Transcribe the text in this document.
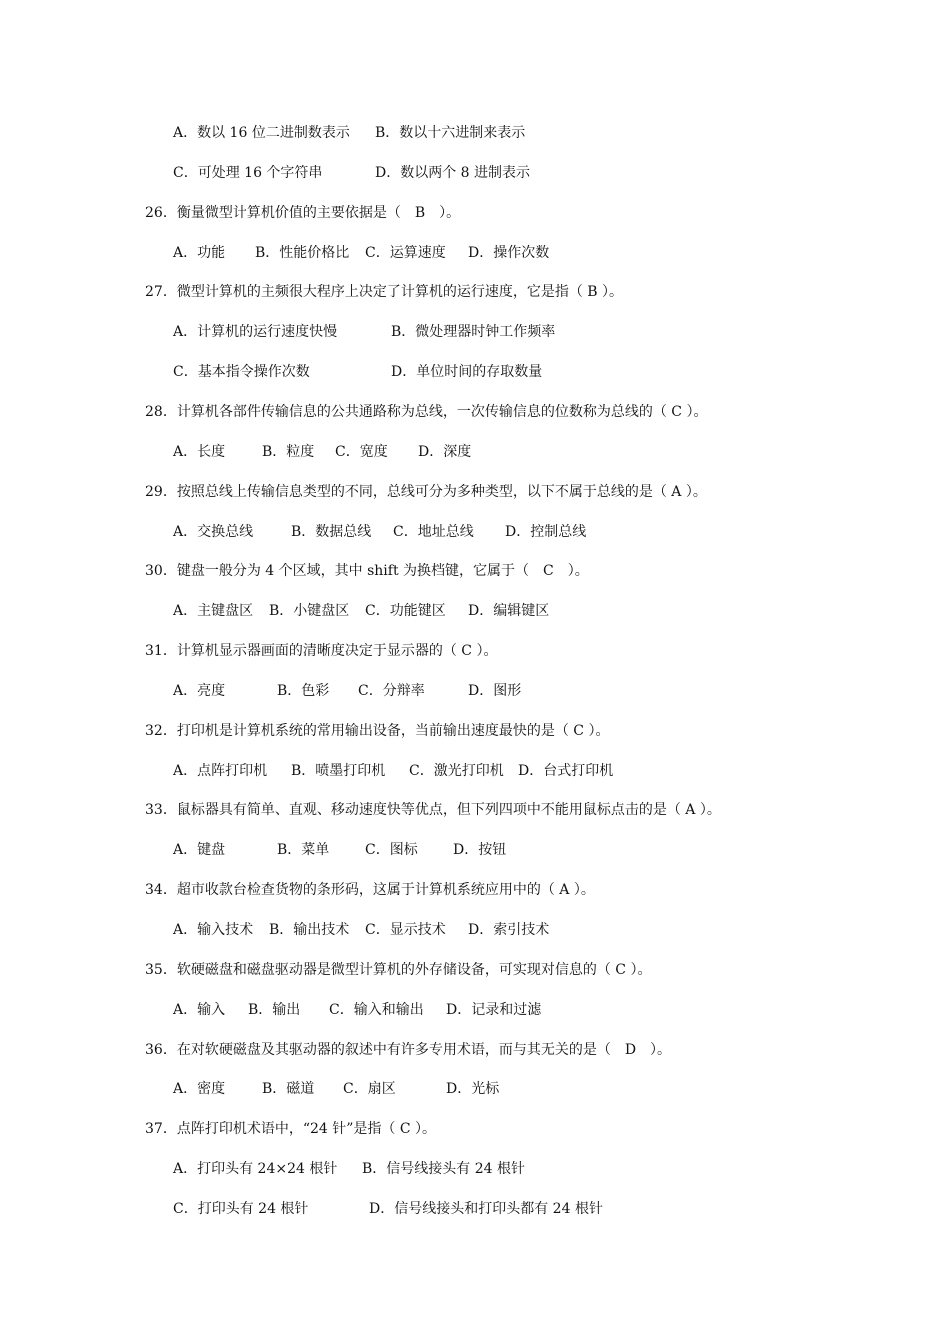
A．数以 16 位二进制数表示 B．数以十六进制来表示
C．可处理 16 个字符串	D．数以两个 8 进制表示
26．衡量微型计算机价值的主要依据是（　B　）。
A．功能 B．性能价格比 C．运算速度 D．操作次数
27．微型计算机的主频很大程序上决定了计算机的运行速度，它是指（ B ）。
A．计算机的运行速度快慢	B．微处理器时钟工作频率
C．基本指令操作次数	D．单位时间的存取数量
28．计算机各部件传输信息的公共通路称为总线，一次传输信息的位数称为总线的（ C ）。
A．长度	B．粒度 C．宽度 D．深度
29．按照总线上传输信息类型的不同，总线可分为多种类型，以下不属于总线的是（ A ）。
A．交换总线	B．数据总线 C．地址总线 D．控制总线
30．键盘一般分为 4 个区域，其中 shift 为换档键，它属于（　C　）。
A．主键盘区 B．小键盘区 C．功能键区 D．编辑键区
31．计算机显示器画面的清晰度决定于显示器的（ C ）。
A．亮度	B．色彩 C．分辩率	D．图形
32．打印机是计算机系统的常用输出设备，当前输出速度最快的是（ C ）。
A．点阵打印机 B．喷墨打印机 C．激光打印机 D．台式打印机
33．鼠标器具有简单、直观、移动速度快等优点，但下列四项中不能用鼠标点击的是（ A ）。
A．键盘	B．菜单	C．图标	D．按钮
34．超市收款台检查货物的条形码，这属于计算机系统应用中的（ A ）。
A．输入技术 B．输出技术 C．显示技术 D．索引技术
35．软硬磁盘和磁盘驱动器是微型计算机的外存储设备，可实现对信息的（ C ）。
A．输入 B．输出 C．输入和输出 D．记录和过滤
36．在对软硬磁盘及其驱动器的叙述中有许多专用术语，而与其无关的是（　D　）。
A．密度	B．磁道 C．扇区	D．光标
37．点阵打印机术语中，“24 针”是指（ C ）。
A．打印头有 24×24 根针 B．信号线接头有 24 根针
C．打印头有 24 根针	D．信号线接头和打印头都有 24 根针
